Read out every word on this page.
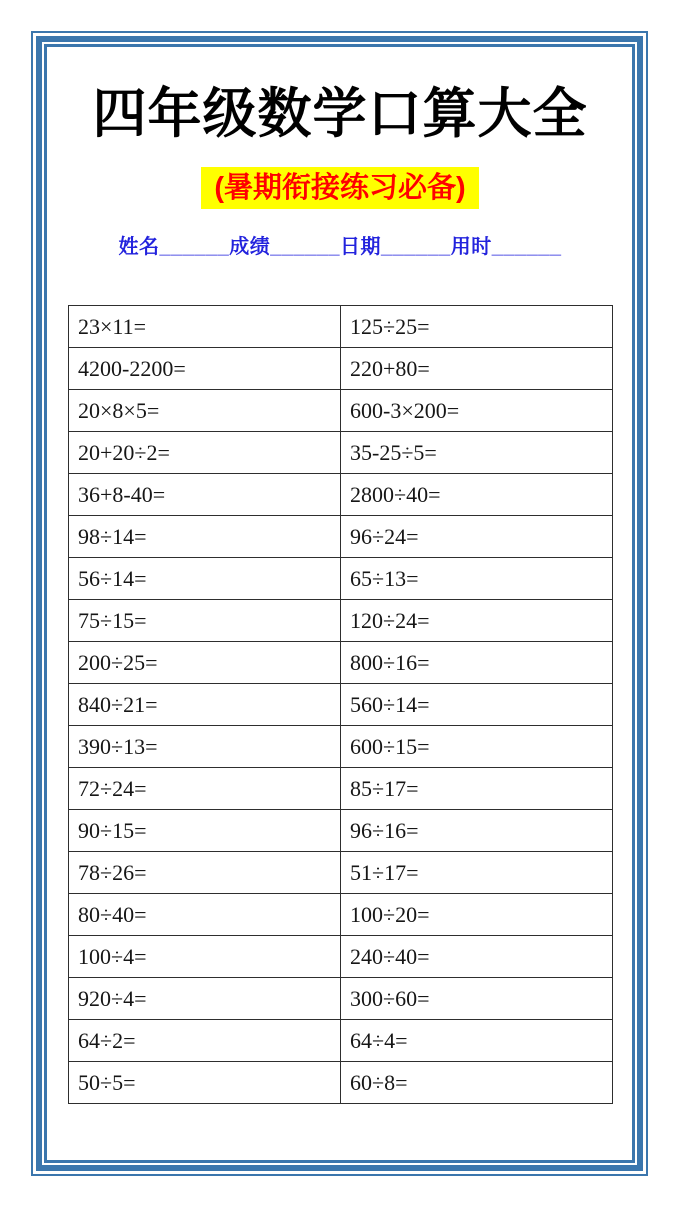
四年级数学口算大全
(暑期衔接练习必备)
姓名______成绩______日期______用时______
23×11=	125÷25=
4200-2200=	220+80=
20×8×5=	600-3×200=
20+20÷2=	35-25÷5=
36+8-40=	2800÷40=
98÷14=	96÷24=
56÷14=	65÷13=
75÷15=	120÷24=
200÷25=	800÷16=
840÷21=	560÷14=
390÷13=	600÷15=
72÷24=	85÷17=
90÷15=	96÷16=
78÷26=	51÷17=
80÷40=	100÷20=
100÷4=	240÷40=
920÷4=	300÷60=
64÷2=	64÷4=
50÷5=	60÷8=
